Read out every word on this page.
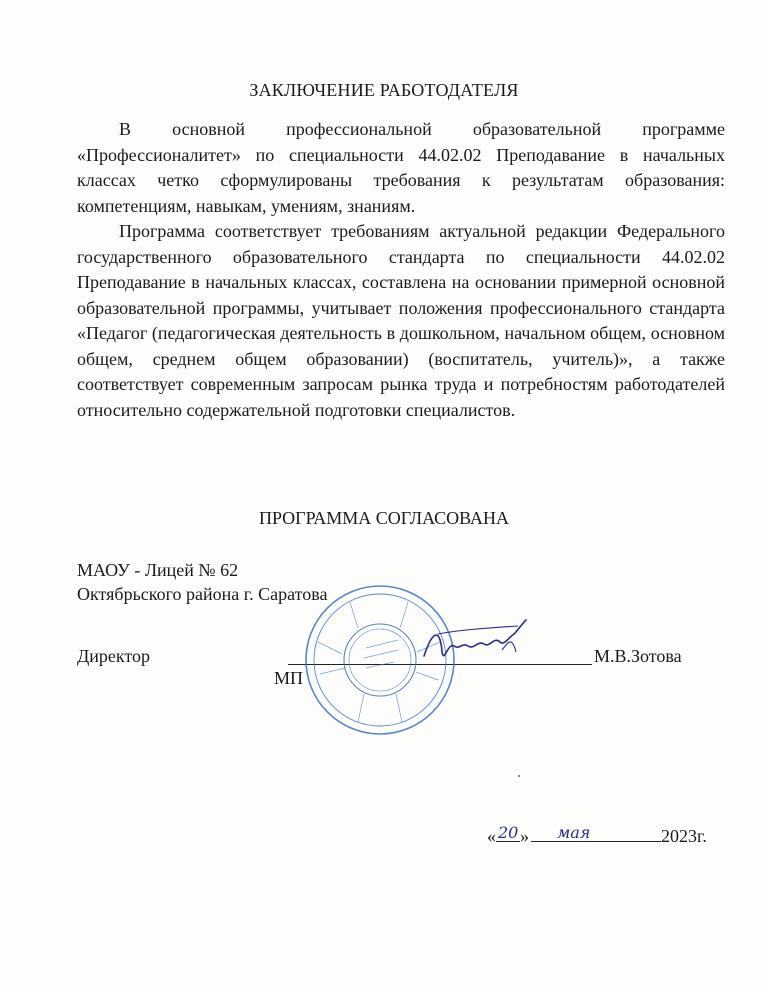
ЗАКЛЮЧЕНИЕ РАБОТОДАТЕЛЯ

В основной профессиональной образовательной программе «Профессионалитет» по специальности 44.02.02 Преподавание в начальных классах четко сформулированы требования к результатам образования: компетенциям, навыкам, умениям, знаниям.

Программа соответствует требованиям актуальной редакции Федерального государственного образовательного стандарта по специальности 44.02.02 Преподавание в начальных классах, составлена на основании примерной основной образовательной программы, учитывает положения профессионального стандарта «Педагог (педагогическая деятельность в дошкольном, начальном общем, основном общем, среднем общем образовании) (воспитатель, учитель)», а также соответствует современным запросам рынка труда и потребностям работодателей относительно содержательной подготовки специалистов.

ПРОГРАММА СОГЛАСОВАНА
МАОУ - Лицей № 62
Октябрьского района г. Саратова
Директор	М.В.Зотова
МП
« 20 » мая	2023г.
